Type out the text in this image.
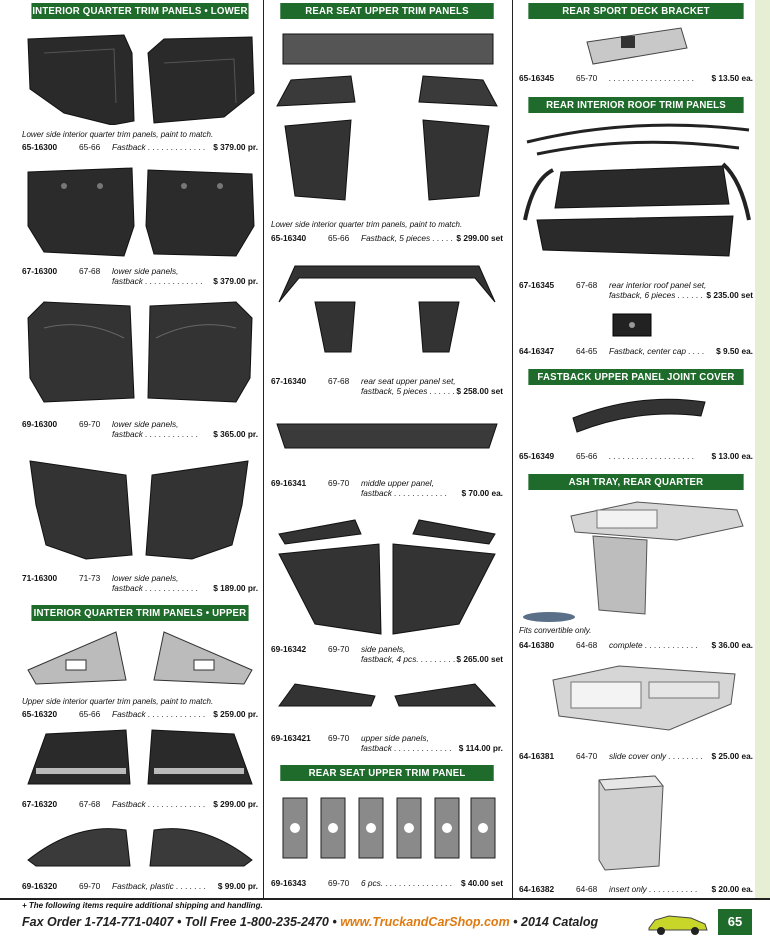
INTERIOR QUARTER TRIM PANELS • LOWER
Lower side interior quarter trim panels, paint to match.
65-16300	65-66 Fastback . . . . . . . . . . . . . $ 379.00 pr.
67-16300	67-68 lower side panels,
fastback . . . . . . . . . . . . . $ 379.00 pr.
69-16300	69-70 lower side panels,
fastback . . . . . . . . . . . . $ 365.00 pr.
71-16300	71-73 lower side panels,
fastback . . . . . . . . . . . . $ 189.00 pr.
INTERIOR QUARTER TRIM PANELS • UPPER
Upper side interior quarter trim panels, paint to match.
65-16320	65-66 Fastback . . . . . . . . . . . . . $ 259.00 pr.
67-16320	67-68 Fastback . . . . . . . . . . . . . $ 299.00 pr.
69-16320	69-70 Fastback, plastic . . . . . . . $ 99.00 pr.
REAR SEAT UPPER TRIM PANELS
Lower side interior quarter trim panels, paint to match.
65-16340	65-66 Fastback, 5 pieces . . . . . $ 299.00 set
67-16340	67-68 rear seat upper panel set,
fastback, 5 pieces . . . . . . $ 258.00 set
69-16341	69-70 middle upper panel,
fastback . . . . . . . . . . . . $ 70.00 ea.
69-16342	69-70 side panels,
fastback, 4 pcs. . . . . . . . . $ 265.00 set
69-163421 69-70 upper side panels,
fastback . . . . . . . . . . . . . $ 114.00 pr.
REAR SEAT UPPER TRIM PANEL BRACKETS
69-16343	69-70 6 pcs. . . . . . . . . . . . . . . . $ 40.00 set
REAR SPORT DECK BRACKET
65-16345	65-70 . . . . . . . . . . . . . . . . . . . $ 13.50 ea.
REAR INTERIOR ROOF TRIM PANELS
67-16345	67-68 rear interior roof panel set,
fastback, 6 pieces . . . . . . $ 235.00 set
64-16347	64-65 Fastback, center cap . . . . $ 9.50 ea.
FASTBACK UPPER PANEL JOINT COVER
65-16349	65-66 . . . . . . . . . . . . . . . . . . . $ 13.00 ea.
ASH TRAY, REAR QUARTER
Fits convertible only.
64-16380	64-68 complete . . . . . . . . . . . . $ 36.00 ea.
64-16381	64-70 slide cover only . . . . . . . . $ 25.00 ea.
64-16382	64-68 insert only . . . . . . . . . . . $ 20.00 ea.
+ The following items require additional shipping and handling.
Fax Order 1-714-771-0407 • Toll Free 1-800-235-2470 • www.TruckandCarShop.com • 2014 Catalog	65
